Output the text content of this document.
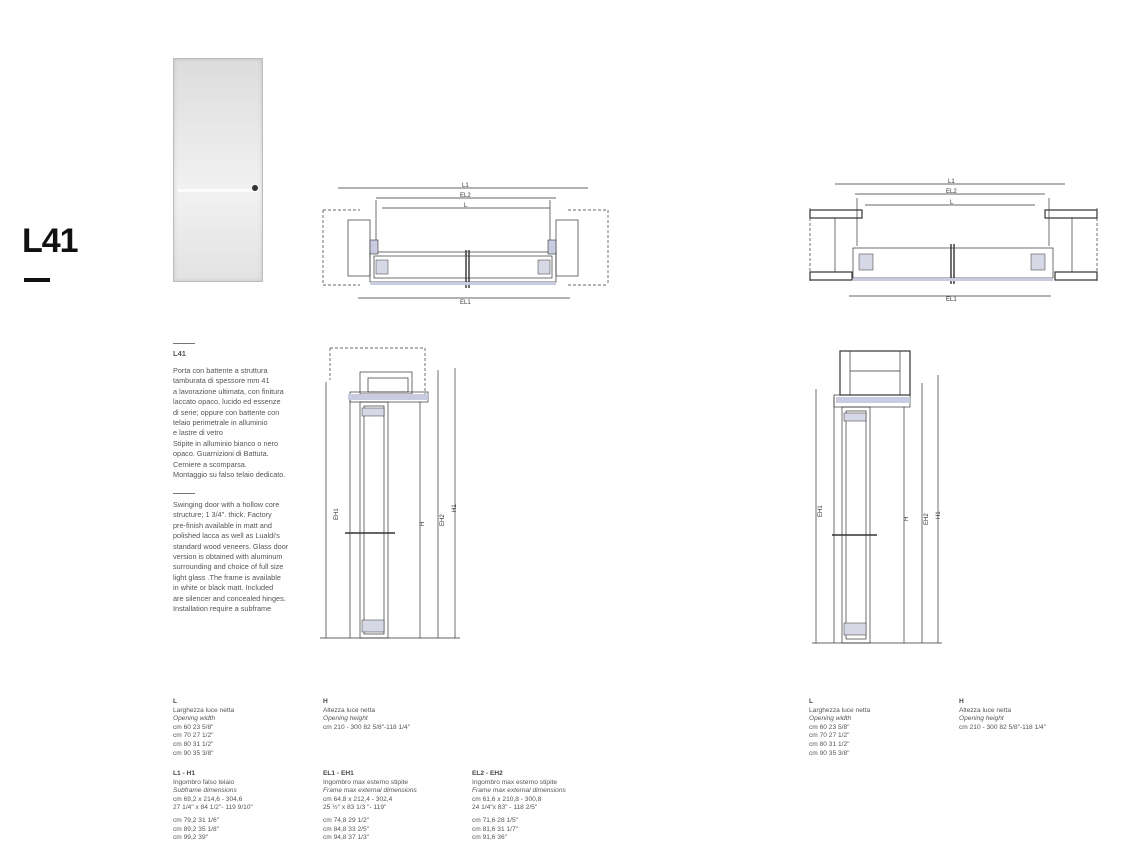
L41
L41

Porta con battente a struttura
tamburata di spessore mm 41
a lavorazione ultimata, con finitura
laccato opaco, lucido ed essenze
di serie; oppure con battente con
telaio perimetrale in alluminio
e lastre di vetro
Stipite in alluminio bianco o nero
opaco. Guarnizioni di Battuta.
Cerniere a scomparsa.
Montaggio su falso telaio dedicato.

Swinging door with a hollow core
structure; 1 3/4". thick. Factory
pre-finish available in matt and
polished lacca as well as Lualdi's
standard wood veneers. Glass door
version is obtained with aluminum
surrounding and choice of full size
light glass .The frame is available
in white or black matt. Included
are silencer and concealed hinges.
Installation require a subframe

L1
EL2
L
EL1
L1
EL2
L
EL1
EH1
H EH2
H1	EH1
H EH2 H1
L
Larghezza luce netta
Opening width
cm 60 23 5/8"
cm 70 27 1/2"
cm 80 31 1/2"
cm 90 35 3/8"
H
Altezza luce netta
Opening height
cm 210 - 300 82 5/8"-118 1/4"
L1 - H1
Ingombro falso telaio
Subframe dimensions
cm 69,2 x 214,6 - 304,6
27 1/4" x 84 1/2"- 119 9/10"
cm 79,2 31 1/6"
cm 89,2 35 1/8"
cm 99,2 39"
EL1 - EH1
Ingombro max esterno stipite
Frame max external dimensions
cm 64,8 x 212,4 - 302,4
25 ½" x 83 1/3 "- 119"
cm 74,8 29 1/2"
cm 84,8 33 2/5"
cm 94,8 37 1/3"
EL2 - EH2
Ingombro max esterno stipite
Frame max external dimensions
cm 61,6 x 210,8 - 300,8
24 1/4"x 83" - 118 2/5"
cm 71,6 28 1/5"
cm 81,6 31 1/7"
cm 91,6 36"
L
Larghezza luce netta
Opening width
cm 60 23 5/8"
cm 70 27 1/2"
cm 80 31 1/2"
cm 90 35 3/8"
H
Altezza luce netta
Opening height
cm 210 - 300 82 5/8"-118 1/4"
